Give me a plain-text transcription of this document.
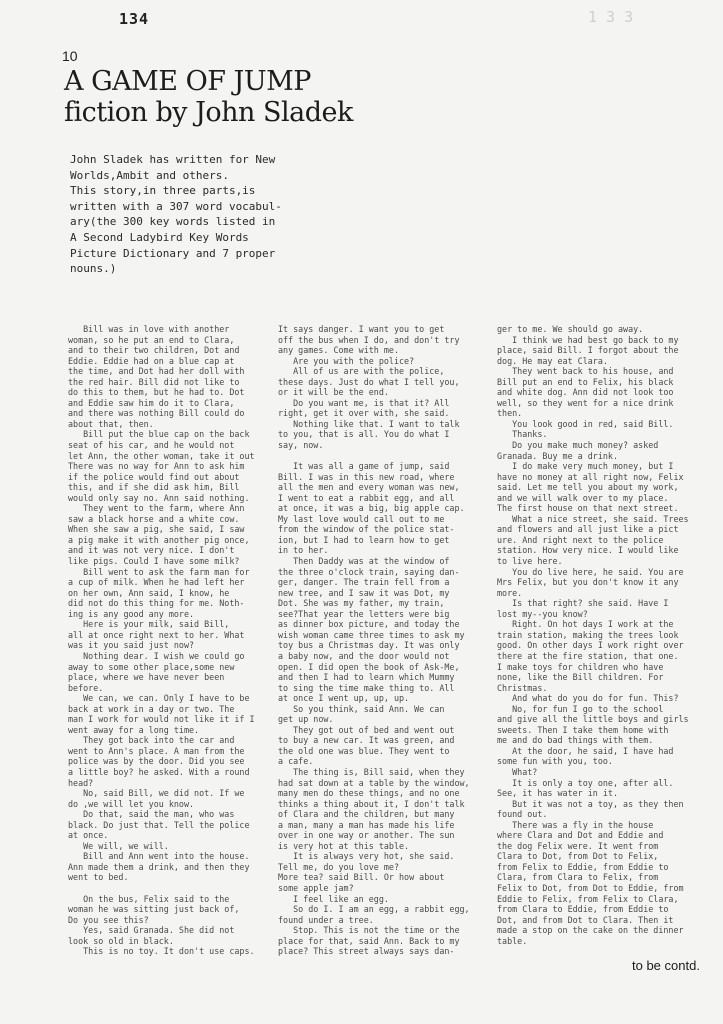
134	1 3 3
10
A GAME OF JUMP
fiction by John Sladek
John Sladek has written for New
Worlds,Ambit and others.
This story,in three parts,is
written with a 307 word vocabul-
ary(the 300 key words listed in
A Second Ladybird Key Words
Picture Dictionary and 7 proper
nouns.)
Bill was in love with another
woman, so he put an end to Clara,
and to their two children, Dot and
Eddie. Eddie had on a blue cap at
the time, and Dot had her doll with
the red hair. Bill did not like to
do this to them, but he had to. Dot
and Eddie saw him do it to Clara,
and there was nothing Bill could do
about that, then.
Bill put the blue cap on the back
seat of his car, and he would not
let Ann, the other woman, take it out
There was no way for Ann to ask him
if the police would find out about
this, and if she did ask him, Bill
would only say no. Ann said nothing.
They went to the farm, where Ann
saw a black horse and a white cow.
When she saw a pig, she said, I saw
a pig make it with another pig once,
and it was not very nice. I don't
like pigs. Could I have some milk?
Bill went to ask the farm man for
a cup of milk. When he had left her
on her own, Ann said, I know, he
did not do this thing for me. Noth-
ing is any good any more.
Here is your milk, said Bill,
all at once right next to her. What
was it you said just now?
Nothing dear. I wish we could go
away to some other place,some new
place, where we have never been
before.
We can, we can. Only I have to be
back at work in a day or two. The
man I work for would not like it if I
went away for a long time.
They got back into the car and
went to Ann's place. A man from the
police was by the door. Did you see
a little boy? he asked. With a round
head?
No, said Bill, we did not. If we
do ,we will let you know.
Do that, said the man, who was
black. Do just that. Tell the police
at once.
We will, we will.
Bill and Ann went into the house.
Ann made them a drink, and then they
went to bed.

On the bus, Felix said to the
woman he was sitting just back of,
Do you see this?
Yes, said Granada. She did not
look so old in black.
This is no toy. It don't use caps.
It says danger. I want you to get
off the bus when I do, and don't try
any games. Come with me.
Are you with the police?
All of us are with the police,
these days. Just do what I tell you,
or it will be the end.
Do you want me, is that it? All
right, get it over with, she said.
Nothing like that. I want to talk
to you, that is all. You do what I
say, now.

It was all a game of jump, said
Bill. I was in this new road, where
all the men and every woman was new,
I went to eat a rabbit egg, and all
at once, it was a big, big apple cap.
My last love would call out to me
from the window of the police stat-
ion, but I had to learn how to get
in to her.
Then Daddy was at the window of
the three o'clock train, saying dan-
ger, danger. The train fell from a
new tree, and I saw it was Dot, my
Dot. She was my father, my train,
see?That year the letters were big
as dinner box picture, and today the
wish woman came three times to ask my
toy bus a Christmas day. It was only
a baby now, and the door would not
open. I did open the book of Ask-Me,
and then I had to learn which Mummy
to sing the time make thing to. All
at once I went up, up, up.
So you think, said Ann. We can
get up now.
They got out of bed and went out
to buy a new car. It was green, and
the old one was blue. They went to
a cafe.
The thing is, Bill said, when they
had sat down at a table by the window,
many men do these things, and no one
thinks a thing about it, I don't talk
of Clara and the children, but many
a man, many a man has made his life
over in one way or another. The sun
is very hot at this table.
It is always very hot, she said.
Tell me, do you love me?
More tea? said Bill. Or how about
some apple jam?
I feel like an egg.
So do I. I am an egg, a rabbit egg,
found under a tree.
Stop. This is not the time or the
place for that, said Ann. Back to my
place? This street always says dan-
ger to me. We should go away.
I think we had best go back to my
place, said Bill. I forgot about the
dog. He may eat Clara.
They went back to his house, and
Bill put an end to Felix, his black
and white dog. Ann did not look too
well, so they went for a nice drink
then.
You look good in red, said Bill.
Thanks.
Do you make much money? asked
Granada. Buy me a drink.
I do make very much money, but I
have no money at all right now, Felix
said. Let me tell you about my work,
and we will walk over to my place.
The first house on that next street.
What a nice street, she said. Trees
and flowers and all just like a pict
ure. And right next to the police
station. How very nice. I would like
to live here.
You do live here, he said. You are
Mrs Felix, but you don't know it any
more.
Is that right? she said. Have I
lost my--you know?
Right. On hot days I work at the
train station, making the trees look
good. On other days I work right over
there at the fire station, that one.
I make toys for children who have
none, like the Bill children. For
Christmas.
And what do you do for fun. This?
No, for fun I go to the school
and give all the little boys and girls
sweets. Then I take them home with
me and do bad things with them.
At the door, he said, I have had
some fun with you, too.
What?
It is only a toy one, after all.
See, it has water in it.
But it was not a toy, as they then
found out.
There was a fly in the house
where Clara and Dot and Eddie and
the dog Felix were. It went from
Clara to Dot, from Dot to Felix,
from Felix to Eddie, from Eddie to
Clara, from Clara to Felix, from
Felix to Dot, from Dot to Eddie, from
Eddie to Felix, from Felix to Clara,
from Clara to Eddie, from Eddie to
Dot, and from Dot to Clara. Then it
made a stop on the cake on the dinner
table.
to be contd.
